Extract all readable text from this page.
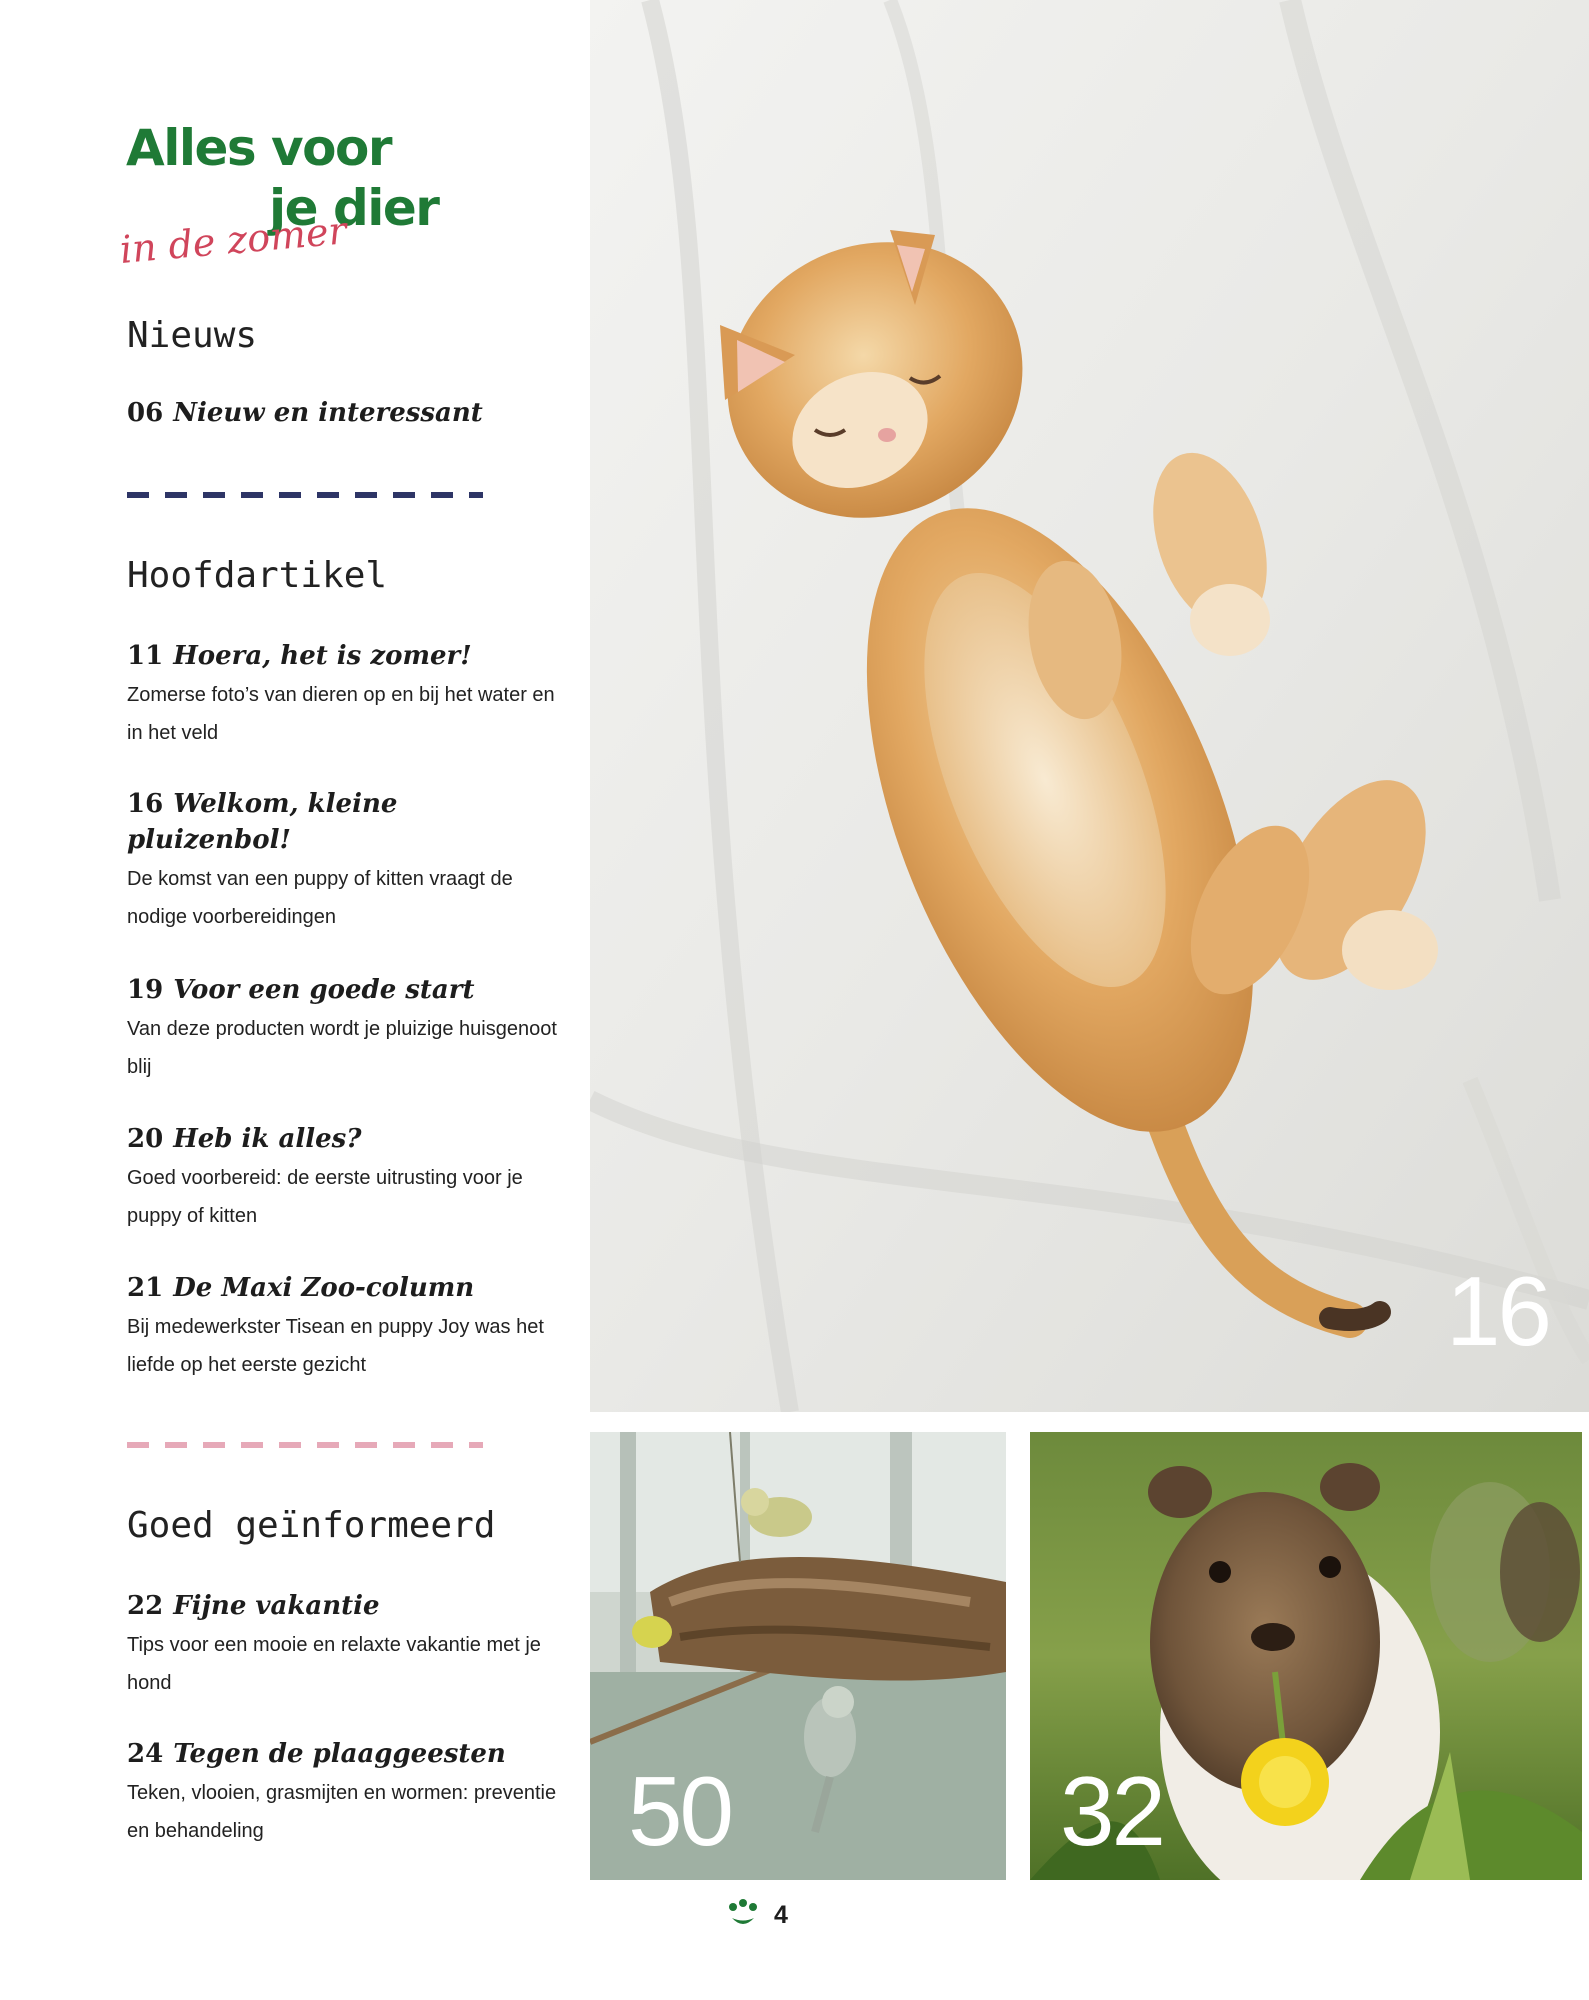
Alles voor
je dier
in de zomer
Nieuws
06 Nieuw en interessant
Hoofdartikel
11 Hoera, het is zomer!
Zomerse foto’s van dieren op en bij het water en in het veld
16 Welkom, kleine pluizenbol!
De komst van een puppy of kitten vraagt de nodige voorbereidingen
19 Voor een goede start
Van deze producten wordt je pluizige huisgenoot blij
20 Heb ik alles?
Goed voorbereid: de eerste uitrusting voor je puppy of kitten
21 De Maxi Zoo-column
Bij medewerkster Tisean en puppy Joy was het liefde op het eerste gezicht
Goed geïnformeerd
22 Fijne vakantie
Tips voor een mooie en relaxte vakantie met je hond
24 Tegen de plaaggeesten
Teken, vlooien, grasmijten en wormen: preventie en behandeling
16
50	32
4
